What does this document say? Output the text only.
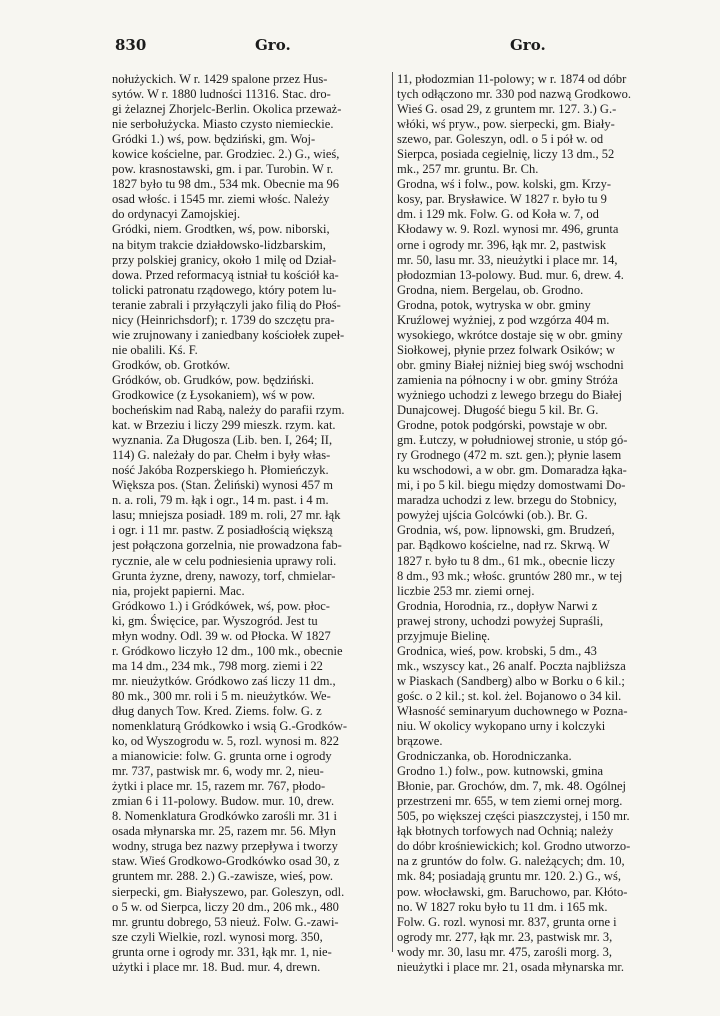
830	Gro.	Gro.
nołużyckich. W r. 1429 spalone przez Hus-
sytów. W r. 1880 ludności 11316. Stac. dro-
gi żelaznej Zhorjelc-Berlin. Okolica przeważ-
nie serbołużycka. Miasto czysto niemieckie.
Gródki 1.) wś, pow. będziński, gm. Woj-
kowice kościelne, par. Grodziec. 2.) G., wieś,
pow. krasnostawski, gm. i par. Turobin. W r.
1827 było tu 98 dm., 534 mk. Obecnie ma 96
osad włośc. i 1545 mr. ziemi włośc. Należy
do ordynacyi Zamojskiej.
Gródki, niem. Grodtken, wś, pow. niborski,
na bitym trakcie działdowsko-lidzbarskim,
przy polskiej granicy, około 1 milę od Dział-
dowa. Przed reformacyą istniał tu kościół ka-
tolicki patronatu rządowego, który potem lu-
teranie zabrali i przyłączyli jako filią do Płoś-
nicy (Heinrichsdorf); r. 1739 do szczętu pra-
wie zrujnowany i zaniedbany kościołek zupeł-
nie obalili. Kś. F.
Grodków, ob. Grotków.
Gródków, ob. Grudków, pow. będziński.
Grodkowice (z Łysokaniem), wś w pow.
bocheńskim nad Rabą, należy do parafii rzym.
kat. w Brzeziu i liczy 299 mieszk. rzym. kat.
wyznania. Za Długosza (Lib. ben. I, 264; II,
114) G. należały do par. Chełm i były włas-
ność Jakóba Rozperskiego h. Płomieńczyk.
Większa pos. (Stan. Żeliński) wynosi 457 m
n. a. roli, 79 m. łąk i ogr., 14 m. past. i 4 m.
lasu; mniejsza posiadł. 189 m. roli, 27 mr. łąk
i ogr. i 11 mr. pastw. Z posiadłością większą
jest połączona gorzelnia, nie prowadzona fab-
rycznie, ale w celu podniesienia uprawy roli.
Grunta żyzne, dreny, nawozy, torf, chmielar-
nia, projekt papierni. Mac.
Gródkowo 1.) i Gródkówek, wś, pow. płoc-
ki, gm. Święcice, par. Wyszogród. Jest tu
młyn wodny. Odl. 39 w. od Płocka. W 1827
r. Gródkowo liczyło 12 dm., 100 mk., obecnie
ma 14 dm., 234 mk., 798 morg. ziemi i 22
mr. nieużytków. Gródkowo zaś liczy 11 dm.,
80 mk., 300 mr. roli i 5 m. nieużytków. We-
dług danych Tow. Kred. Ziems. folw. G. z
nomenklaturą Gródkowko i wsią G.-Grodków-
ko, od Wyszogrodu w. 5, rozl. wynosi m. 822
a mianowicie: folw. G. grunta orne i ogrody
mr. 737, pastwisk mr. 6, wody mr. 2, nieu-
żytki i place mr. 15, razem mr. 767, płodo-
zmian 6 i 11-polowy. Budow. mur. 10, drew.
8. Nomenklatura Grodkówko zarośli mr. 31 i
osada młynarska mr. 25, razem mr. 56. Młyn
wodny, struga bez nazwy przepływa i tworzy
staw. Wieś Grodkowo-Grodkówko osad 30, z
gruntem mr. 288. 2.) G.-zawisze, wieś, pow.
sierpecki, gm. Białyszewo, par. Goleszyn, odl.
o 5 w. od Sierpca, liczy 20 dm., 206 mk., 480
mr. gruntu dobrego, 53 nieuż. Folw. G.-zawi-
sze czyli Wielkie, rozl. wynosi morg. 350,
grunta orne i ogrody mr. 331, łąk mr. 1, nie-
użytki i place mr. 18. Bud. mur. 4, drewn.
11, płodozmian 11-polowy; w r. 1874 od dóbr
tych odłączono mr. 330 pod nazwą Grodkowo.
Wieś G. osad 29, z gruntem mr. 127. 3.) G.-
włóki, wś pryw., pow. sierpecki, gm. Biały-
szewo, par. Goleszyn, odl. o 5 i pół w. od
Sierpca, posiada cegielnię, liczy 13 dm., 52
mk., 257 mr. gruntu. Br. Ch.
Grodna, wś i folw., pow. kolski, gm. Krzy-
kosy, par. Brysławice. W 1827 r. było tu 9
dm. i 129 mk. Folw. G. od Koła w. 7, od
Kłodawy w. 9. Rozl. wynosi mr. 496, grunta
orne i ogrody mr. 396, łąk mr. 2, pastwisk
mr. 50, lasu mr. 33, nieużytki i place mr. 14,
płodozmian 13-polowy. Bud. mur. 6, drew. 4.
Grodna, niem. Bergelau, ob. Grodno.
Grodna, potok, wytryska w obr. gminy
Kruźlowej wyżniej, z pod wzgórza 404 m.
wysokiego, wkrótce dostaje się w obr. gminy
Siołkowej, płynie przez folwark Osików; w
obr. gminy Białej niżniej bieg swój wschodni
zamienia na północny i w obr. gminy Stróża
wyżniego uchodzi z lewego brzegu do Białej
Dunajcowej. Długość biegu 5 kil. Br. G.
Grodne, potok podgórski, powstaje w obr.
gm. Łutczy, w południowej stronie, u stóp gó-
ry Grodnego (472 m. szt. gen.); płynie lasem
ku wschodowi, a w obr. gm. Domaradza łąka-
mi, i po 5 kil. biegu między domostwami Do-
maradza uchodzi z lew. brzegu do Stobnicy,
powyżej ujścia Golcówki (ob.). Br. G.
Grodnia, wś, pow. lipnowski, gm. Brudzeń,
par. Bądkowo kościelne, nad rz. Skrwą. W
1827 r. było tu 8 dm., 61 mk., obecnie liczy
8 dm., 93 mk.; włośc. gruntów 280 mr., w tej
liczbie 253 mr. ziemi ornej.
Grodnia, Horodnia, rz., dopływ Narwi z
prawej strony, uchodzi powyżej Supraśli,
przyjmuje Bielinę.
Grodnica, wieś, pow. krobski, 5 dm., 43
mk., wszyscy kat., 26 analf. Poczta najbliższa
w Piaskach (Sandberg) albo w Borku o 6 kil.;
gośc. o 2 kil.; st. kol. żel. Bojanowo o 34 kil.
Własność seminaryum duchownego w Pozna-
niu. W okolicy wykopano urny i kolczyki
brązowe.
Grodniczanka, ob. Horodniczanka.
Grodno 1.) folw., pow. kutnowski, gmina
Błonie, par. Grochów, dm. 7, mk. 48. Ogólnej
przestrzeni mr. 655, w tem ziemi ornej morg.
505, po większej części piaszczystej, i 150 mr.
łąk błotnych torfowych nad Ochnią; należy
do dóbr krośniewickich; kol. Grodno utworzo-
na z gruntów do folw. G. należących; dm. 10,
mk. 84; posiadają gruntu mr. 120. 2.) G., wś,
pow. włocławski, gm. Baruchowo, par. Kłóto-
no. W 1827 roku było tu 11 dm. i 165 mk.
Folw. G. rozl. wynosi mr. 837, grunta orne i
ogrody mr. 277, łąk mr. 23, pastwisk mr. 3,
wody mr. 30, lasu mr. 475, zarośli morg. 3,
nieużytki i place mr. 21, osada młynarska mr.
